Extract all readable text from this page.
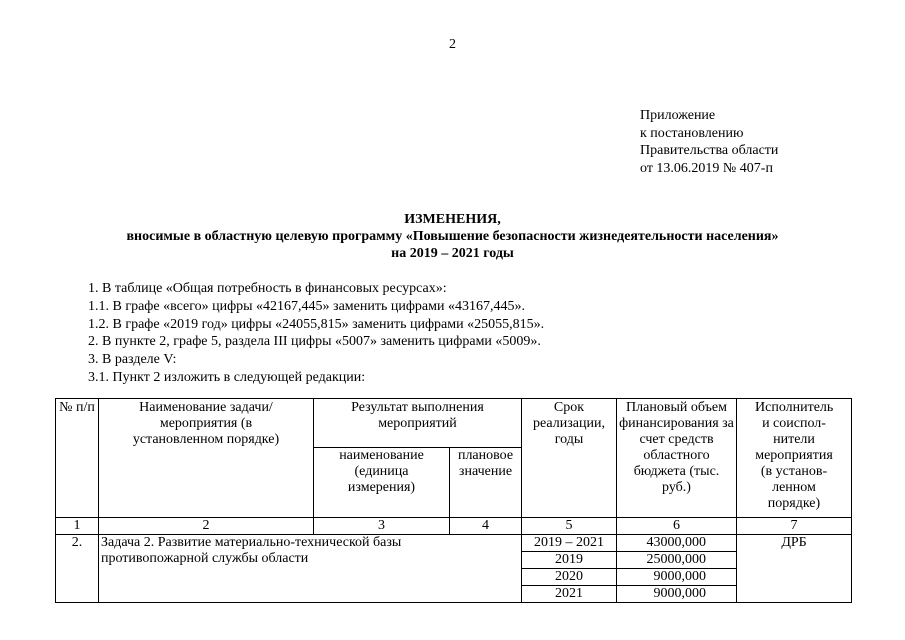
2
Приложение
к постановлению
Правительства области
от 13.06.2019 № 407-п
ИЗМЕНЕНИЯ,
вносимые в областную целевую программу «Повышение безопасности жизнедеятельности населения»
на 2019 – 2021 годы
1. В таблице «Общая потребность в финансовых ресурсах»:
1.1. В графе «всего» цифры «42167,445» заменить цифрами «43167,445».
1.2. В графе «2019 год» цифры «24055,815» заменить цифрами «25055,815».
2. В пункте 2, графе 5, раздела III цифры «5007» заменить цифрами «5009».
3. В разделе V:
3.1. Пункт 2 изложить в следующей редакции:
№ п/п	Наименование задачи/мероприятия (в установленном порядке)	Результат выполнения мероприятий		Срок реализации, годы	Плановый объем финансирования за счет средств областного бюджета (тыс. руб.)	Исполнитель и соиспол-нители мероприятия (в установ-ленном порядке)
		наименование (единица измерения)	плановое значение			
1	2	3	4	5	6	7
2.	Задача 2. Развитие материально-технической базы противопожарной службы области			2019 – 2021	43000,000	ДРБ
				2019	25000,000	
				2020	9000,000	
				2021	9000,000	
